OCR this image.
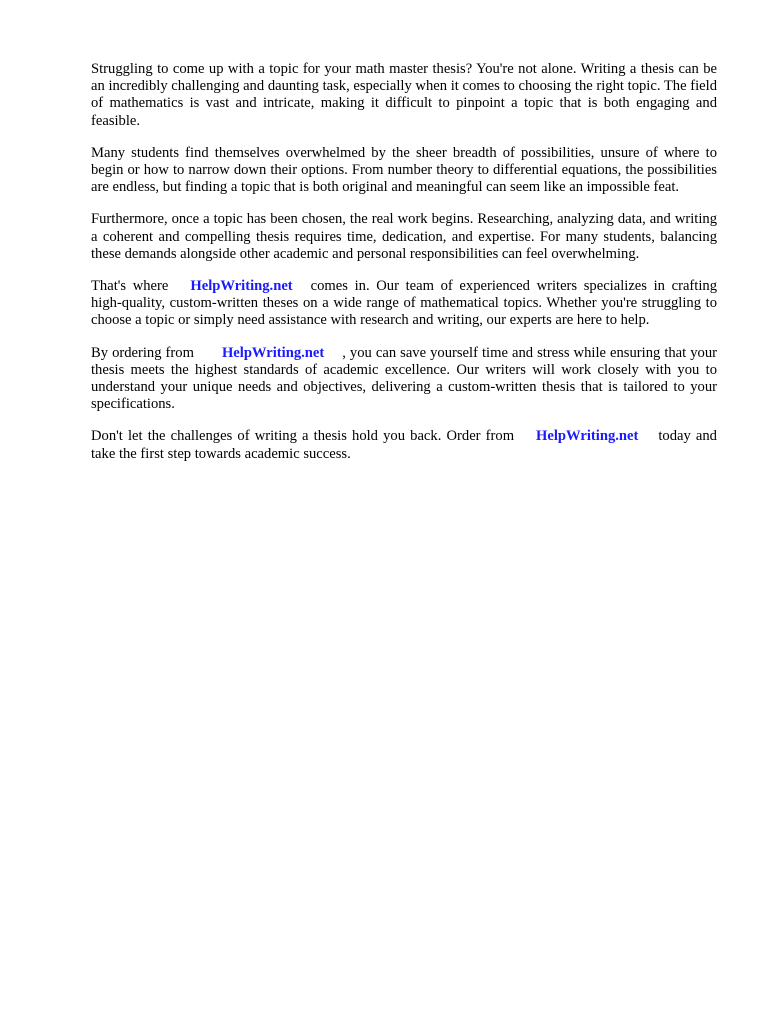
Struggling to come up with a topic for your math master thesis? You're not alone. Writing a thesis can be an incredibly challenging and daunting task, especially when it comes to choosing the right topic. The field of mathematics is vast and intricate, making it difficult to pinpoint a topic that is both engaging and feasible.

Many students find themselves overwhelmed by the sheer breadth of possibilities, unsure of where to begin or how to narrow down their options. From number theory to differential equations, the possibilities are endless, but finding a topic that is both original and meaningful can seem like an impossible feat.

Furthermore, once a topic has been chosen, the real work begins. Researching, analyzing data, and writing a coherent and compelling thesis requires time, dedication, and expertise. For many students, balancing these demands alongside other academic and personal responsibilities can feel overwhelming.

That's where HelpWriting.net comes in. Our team of experienced writers specializes in crafting high-quality, custom-written theses on a wide range of mathematical topics. Whether you're struggling to choose a topic or simply need assistance with research and writing, our experts are here to help.

By ordering from HelpWriting.net , you can save yourself time and stress while ensuring that your thesis meets the highest standards of academic excellence. Our writers will work closely with you to understand your unique needs and objectives, delivering a custom-written thesis that is tailored to your specifications.

Don't let the challenges of writing a thesis hold you back. Order from HelpWriting.net today and take the first step towards academic success.
